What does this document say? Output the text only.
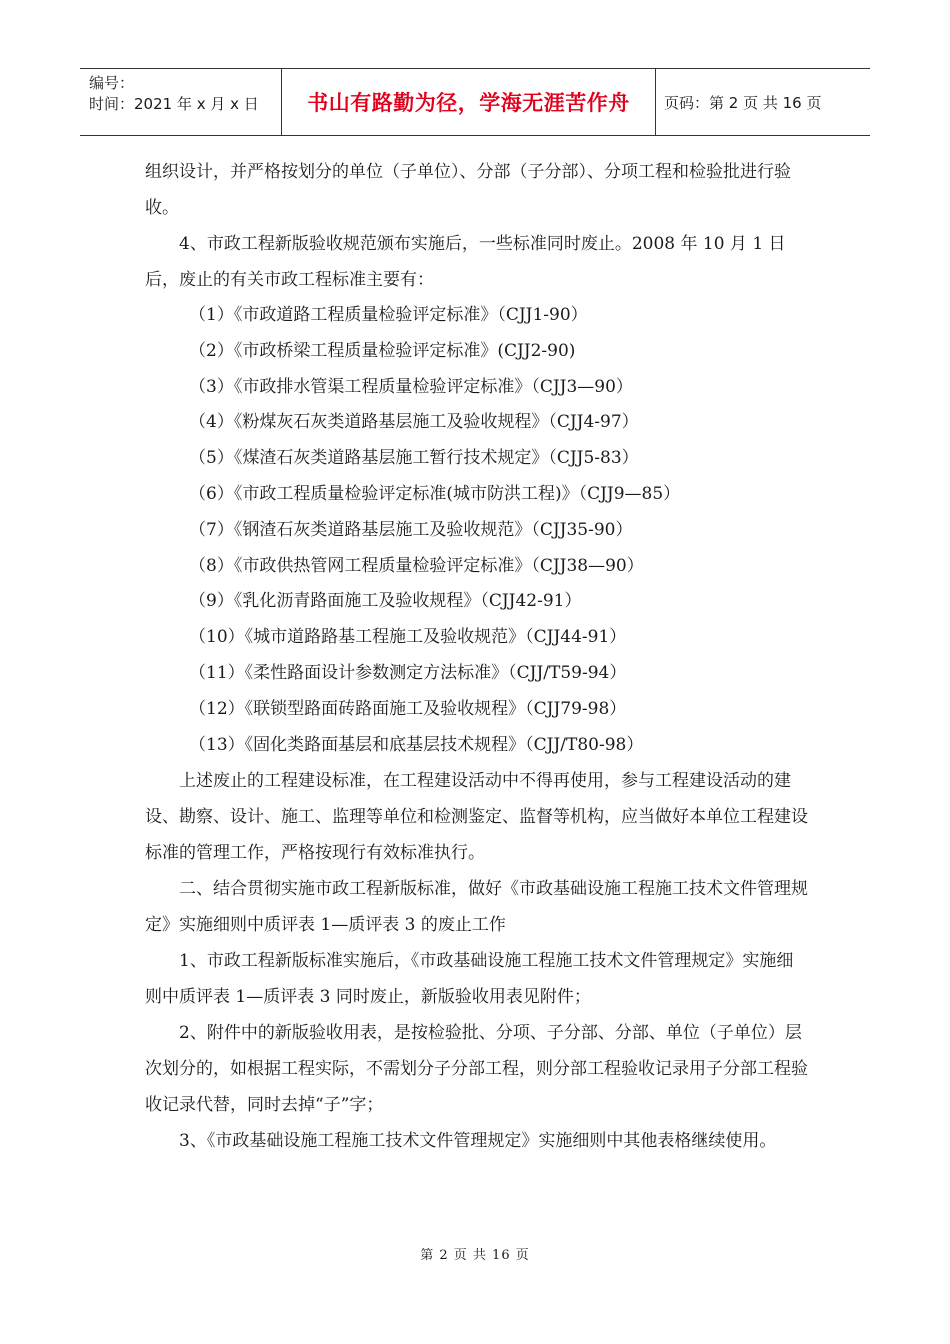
编号：
时间：2021 年 x 月 x 日	书山有路勤为径，学海无涯苦作舟	页码：第 2 页 共 16 页

组织设计，并严格按划分的单位（子单位）、分部（子分部）、分项工程和检验批进行验收。

4、市政工程新版验收规范颁布实施后，一些标准同时废止。2008 年 10 月 1 日后，废止的有关市政工程标准主要有：

（1）《市政道路工程质量检验评定标准》（CJJ1-90）

（2）《市政桥梁工程质量检验评定标准》(CJJ2-90)

（3）《市政排水管渠工程质量检验评定标准》（CJJ3—90）

（4）《粉煤灰石灰类道路基层施工及验收规程》（CJJ4-97）

（5）《煤渣石灰类道路基层施工暂行技术规定》（CJJ5-83）

（6）《市政工程质量检验评定标准(城市防洪工程)》（CJJ9—85）

（7）《钢渣石灰类道路基层施工及验收规范》（CJJ35-90）

（8）《市政供热管网工程质量检验评定标准》（CJJ38—90）

（9）《乳化沥青路面施工及验收规程》（CJJ42-91）

（10）《城市道路路基工程施工及验收规范》（CJJ44-91）

（11）《柔性路面设计参数测定方法标准》（CJJ/T59-94）

（12）《联锁型路面砖路面施工及验收规程》（CJJ79-98）

（13）《固化类路面基层和底基层技术规程》（CJJ/T80-98）

上述废止的工程建设标准，在工程建设活动中不得再使用，参与工程建设活动的建设、勘察、设计、施工、监理等单位和检测鉴定、监督等机构，应当做好本单位工程建设标准的管理工作，严格按现行有效标准执行。

二、结合贯彻实施市政工程新版标准，做好《市政基础设施工程施工技术文件管理规定》实施细则中质评表 1—质评表 3 的废止工作

1、市政工程新版标准实施后，《市政基础设施工程施工技术文件管理规定》实施细则中质评表 1—质评表 3 同时废止，新版验收用表见附件；

2、附件中的新版验收用表，是按检验批、分项、子分部、分部、单位（子单位）层次划分的，如根据工程实际，不需划分子分部工程，则分部工程验收记录用子分部工程验收记录代替，同时去掉“子”字；

3、《市政基础设施工程施工技术文件管理规定》实施细则中其他表格继续使用。

第 2 页 共 16 页
